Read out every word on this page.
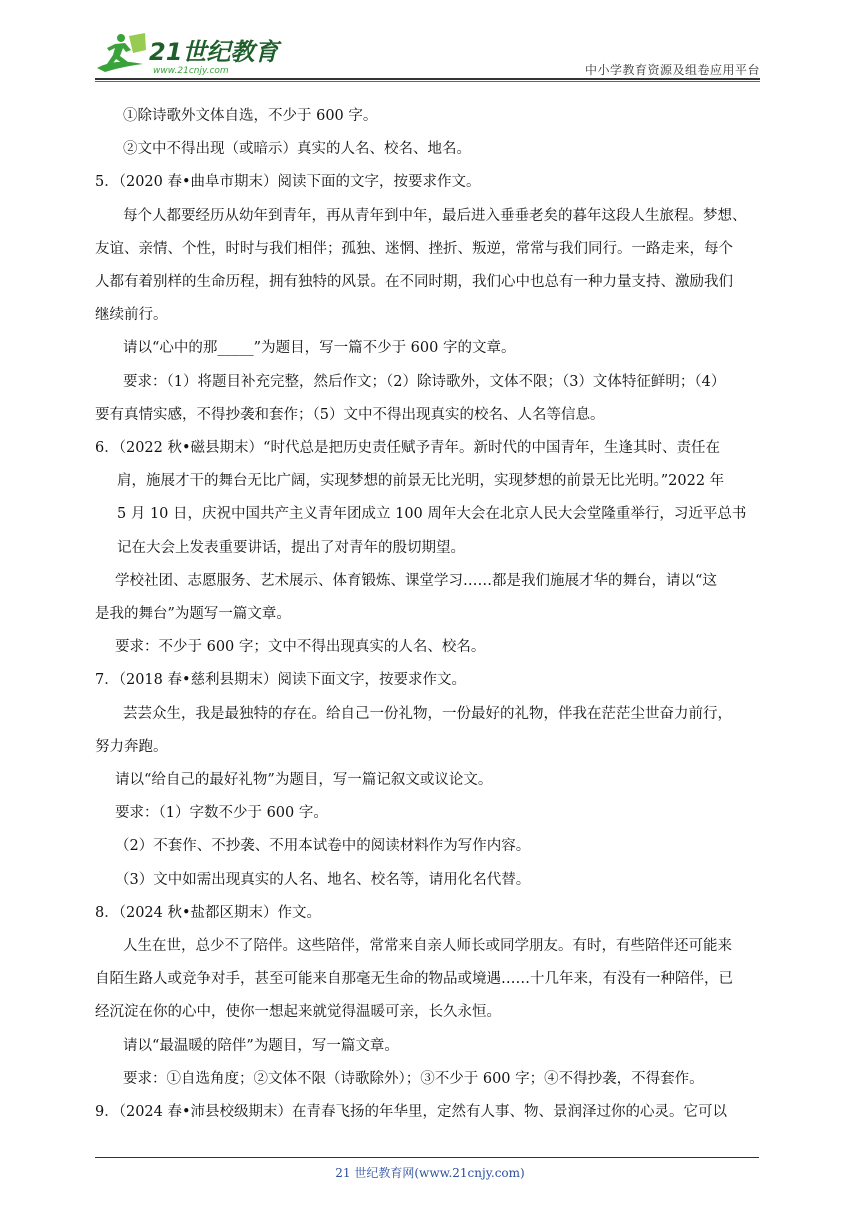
21世纪教育
www.21cnjy.com	中小学教育资源及组卷应用平台
①除诗歌外文体自选，不少于 600 字。
②文中不得出现（或暗示）真实的人名、校名、地名。
5．（2020 春•曲阜市期末）阅读下面的文字，按要求作文。
每个人都要经历从幼年到青年，再从青年到中年，最后进入垂垂老矣的暮年这段人生旅程。梦想、
友谊、亲情、个性，时时与我们相伴；孤独、迷惘、挫折、叛逆，常常与我们同行。一路走来，每个
人都有着别样的生命历程，拥有独特的风景。在不同时期，我们心中也总有一种力量支持、激励我们
继续前行。
请以“心中的那_____”为题目，写一篇不少于 600 字的文章。
要求：（1）将题目补充完整，然后作文；（2）除诗歌外，文体不限；（3）文体特征鲜明；（4）
要有真情实感，不得抄袭和套作；（5）文中不得出现真实的校名、人名等信息。
6．（2022 秋•磁县期末）“时代总是把历史责任赋予青年。新时代的中国青年，生逢其时、责任在
肩，施展才干的舞台无比广阔，实现梦想的前景无比光明，实现梦想的前景无比光明。”2022 年
5 月 10 日，庆祝中国共产主义青年团成立 100 周年大会在北京人民大会堂隆重举行，习近平总书
记在大会上发表重要讲话，提出了对青年的殷切期望。
学校社团、志愿服务、艺术展示、体育锻炼、课堂学习……都是我们施展才华的舞台，请以“这
是我的舞台”为题写一篇文章。
要求：不少于 600 字；文中不得出现真实的人名、校名。
7．（2018 春•慈利县期末）阅读下面文字，按要求作文。
芸芸众生，我是最独特的存在。给自己一份礼物，一份最好的礼物，伴我在茫茫尘世奋力前行，
努力奔跑。
请以“给自己的最好礼物”为题目，写一篇记叙文或议论文。
要求：（1）字数不少于 600 字。
（2）不套作、不抄袭、不用本试卷中的阅读材料作为写作内容。
（3）文中如需出现真实的人名、地名、校名等，请用化名代替。
8．（2024 秋•盐都区期末）作文。
人生在世，总少不了陪伴。这些陪伴，常常来自亲人师长或同学朋友。有时，有些陪伴还可能来
自陌生路人或竞争对手，甚至可能来自那毫无生命的物品或境遇……十几年来，有没有一种陪伴，已
经沉淀在你的心中，使你一想起来就觉得温暖可亲，长久永恒。
请以“最温暖的陪伴”为题目，写一篇文章。
要求：①自选角度；②文体不限（诗歌除外）；③不少于 600 字；④不得抄袭，不得套作。
9．（2024 春•沛县校级期末）在青春飞扬的年华里，定然有人事、物、景润泽过你的心灵。它可以
21 世纪教育网(www.21cnjy.com)
